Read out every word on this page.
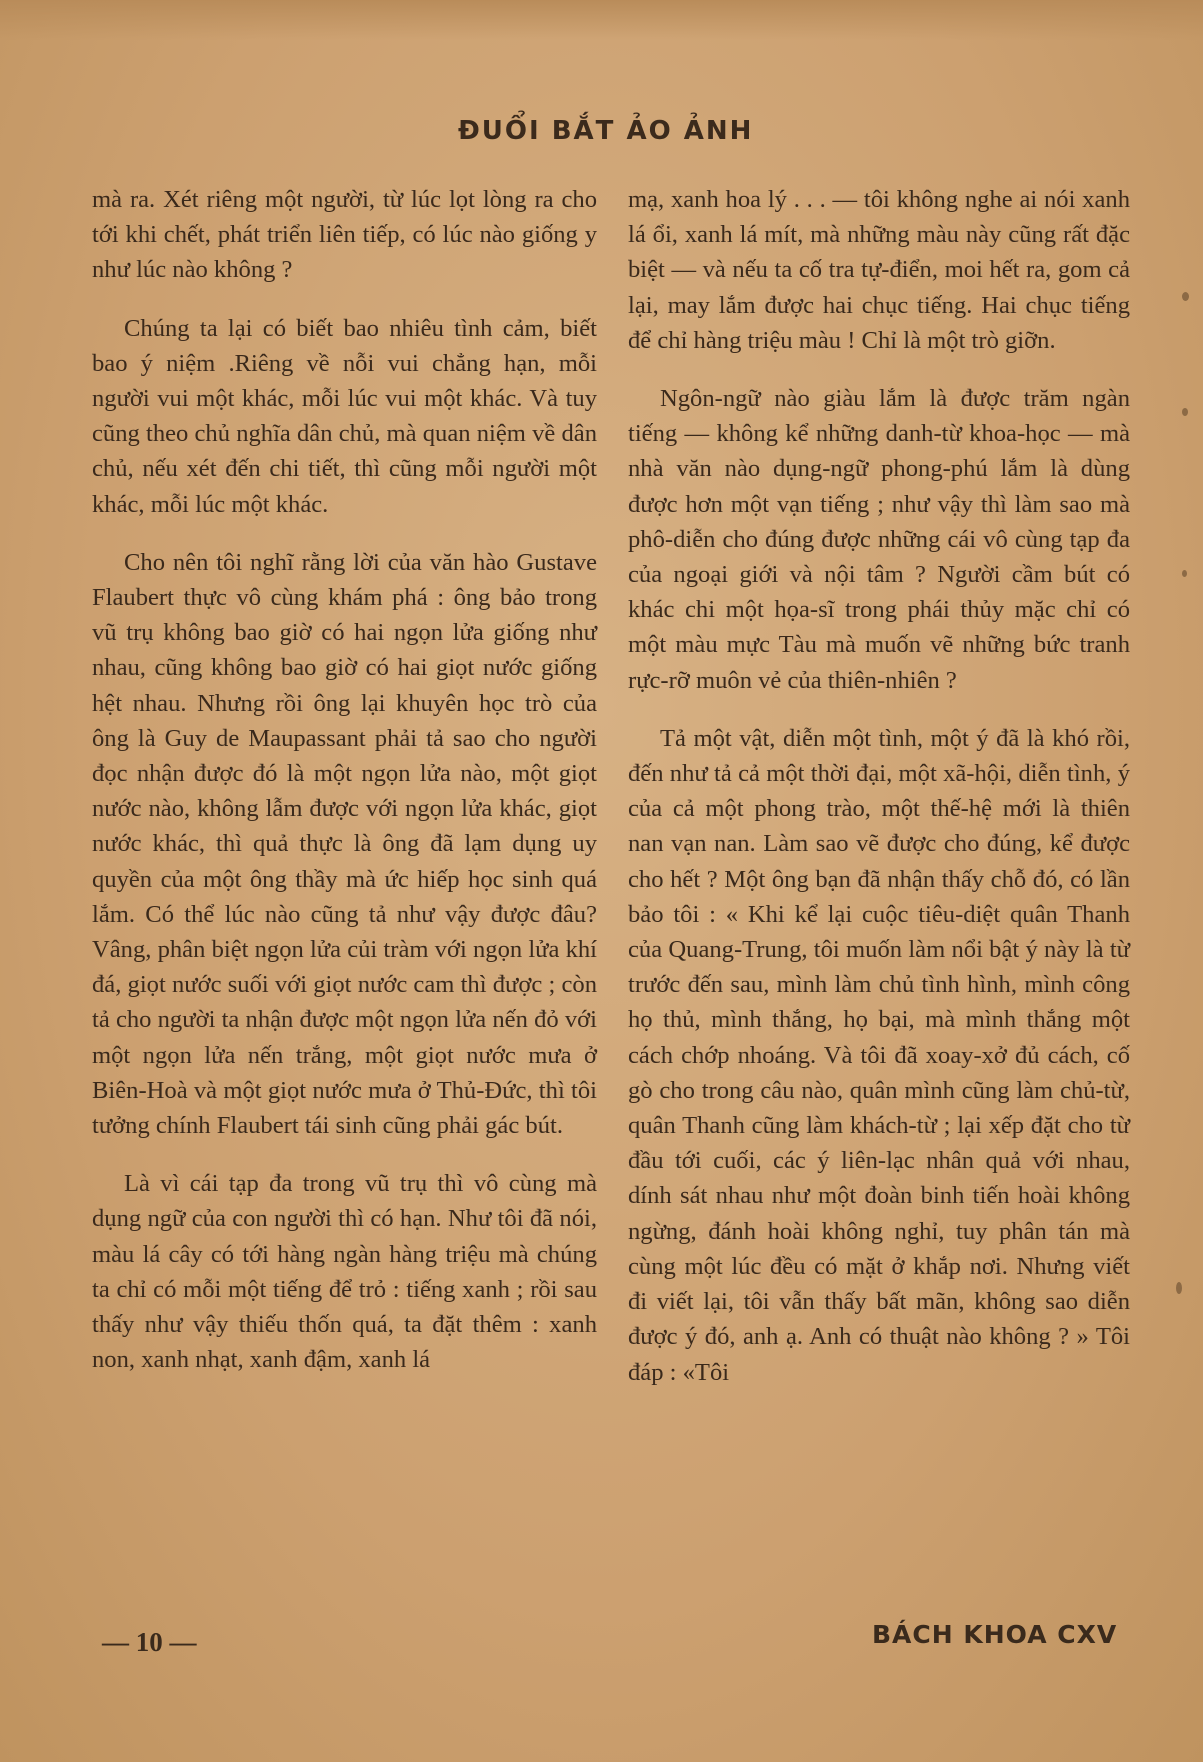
ĐUỔI BẮT ẢO ẢNH

mà ra. Xét riêng một người, từ lúc lọt lòng ra cho tới khi chết, phát triển liên tiếp, có lúc nào giống y như lúc nào không ?

Chúng ta lại có biết bao nhiêu tình cảm, biết bao ý niệm .Riêng về nỗi vui chẳng hạn, mỗi người vui một khác, mỗi lúc vui một khác. Và tuy cũng theo chủ nghĩa dân chủ, mà quan niệm về dân chủ, nếu xét đến chi tiết, thì cũng mỗi người một khác, mỗi lúc một khác.

Cho nên tôi nghĩ rằng lời của văn hào Gustave Flaubert thực vô cùng khám phá : ông bảo trong vũ trụ không bao giờ có hai ngọn lửa giống như nhau, cũng không bao giờ có hai giọt nước giống hệt nhau. Nhưng rồi ông lại khuyên học trò của ông là Guy de Maupassant phải tả sao cho người đọc nhận được đó là một ngọn lửa nào, một giọt nước nào, không lẫm được với ngọn lửa khác, giọt nước khác, thì quả thực là ông đã lạm dụng uy quyền của một ông thầy mà ức hiếp học sinh quá lắm. Có thể lúc nào cũng tả như vậy được đâu? Vâng, phân biệt ngọn lửa củi tràm với ngọn lửa khí đá, giọt nước suối với giọt nước cam thì được ; còn tả cho người ta nhận được một ngọn lửa nến đỏ với một ngọn lửa nến trắng, một giọt nước mưa ở Biên-Hoà và một giọt nước mưa ở Thủ-Đức, thì tôi tưởng chính Flaubert tái sinh cũng phải gác bút.

Là vì cái tạp đa trong vũ trụ thì vô cùng mà dụng ngữ của con người thì có hạn. Như tôi đã nói, màu lá cây có tới hàng ngàn hàng triệu mà chúng ta chỉ có mỗi một tiếng để trỏ : tiếng xanh ; rồi sau thấy như vậy thiếu thốn quá, ta đặt thêm : xanh non, xanh nhạt, xanh đậm, xanh lá

mạ, xanh hoa lý . . . — tôi không nghe ai nói xanh lá ổi, xanh lá mít, mà những màu này cũng rất đặc biệt — và nếu ta cố tra tự-điển, moi hết ra, gom cả lại, may lắm được hai chục tiếng. Hai chục tiếng để chỉ hàng triệu màu ! Chỉ là một trò giỡn.

Ngôn-ngữ nào giàu lắm là được trăm ngàn tiếng — không kể những danh-từ khoa-học — mà nhà văn nào dụng-ngữ phong-phú lắm là dùng được hơn một vạn tiếng ; như vậy thì làm sao mà phô-diễn cho đúng được những cái vô cùng tạp đa của ngoại giới và nội tâm ? Người cầm bút có khác chi một họa-sĩ trong phái thủy mặc chỉ có một màu mực Tàu mà muốn vẽ những bức tranh rực-rỡ muôn vẻ của thiên-nhiên ?

Tả một vật, diễn một tình, một ý đã là khó rồi, đến như tả cả một thời đại, một xã-hội, diễn tình, ý của cả một phong trào, một thế-hệ mới là thiên nan vạn nan. Làm sao vẽ được cho đúng, kể được cho hết ? Một ông bạn đã nhận thấy chỗ đó, có lần bảo tôi : « Khi kể lại cuộc tiêu-diệt quân Thanh của Quang-Trung, tôi muốn làm nổi bật ý này là từ trước đến sau, mình làm chủ tình hình, mình công họ thủ, mình thắng, họ bại, mà mình thắng một cách chớp nhoáng. Và tôi đã xoay-xở đủ cách, cố gò cho trong câu nào, quân mình cũng làm chủ-từ, quân Thanh cũng làm khách-từ ; lại xếp đặt cho từ đầu tới cuối, các ý liên-lạc nhân quả với nhau, dính sát nhau như một đoàn binh tiến hoài không ngừng, đánh hoài không nghỉ, tuy phân tán mà cùng một lúc đều có mặt ở khắp nơi. Nhưng viết đi viết lại, tôi vẫn thấy bất mãn, không sao diễn được ý đó, anh ạ. Anh có thuật nào không ? » Tôi đáp : «Tôi

— 10 —	BÁCH KHOA CXV
